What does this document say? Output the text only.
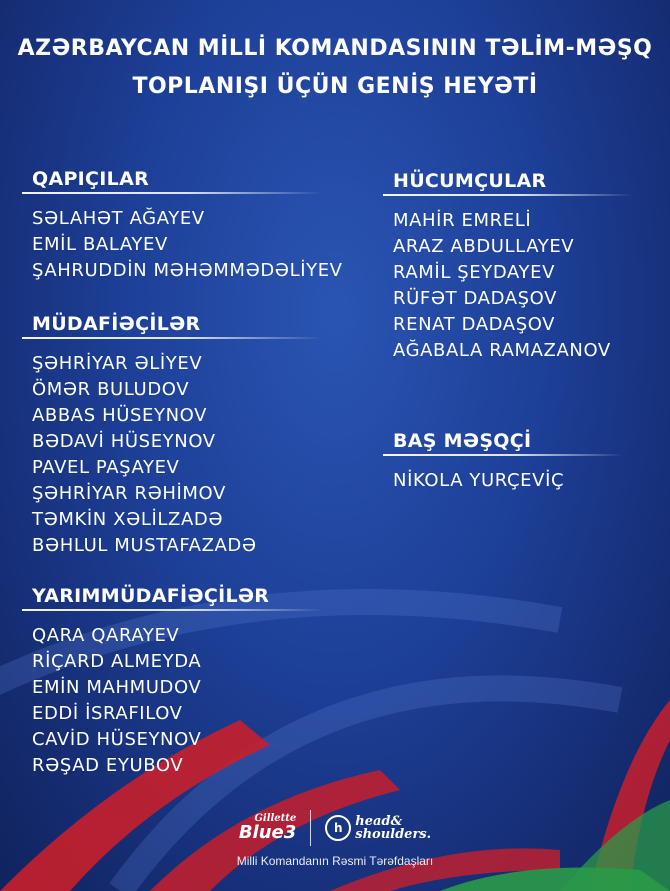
AZƏRBAYCAN MİLLİ KOMANDASININ TƏLİM-MƏŞQ
TOPLANIŞI ÜÇÜN GENİŞ HEYƏTİ
QAPIÇILAR
SƏLAHƏT AĞAYEV
EMİL BALAYEV
ŞAHRUDDİN MƏHƏMMƏDƏLİYEV
MÜDAFİƏÇİLƏR
ŞƏHRİYAR ƏLİYEV
ÖMƏR BULUDOV
ABBAS HÜSEYNOV
BƏDAVİ HÜSEYNOV
PAVEL PAŞAYEV
ŞƏHRİYAR RƏHİMOV
TƏMKİN XƏLİLZADƏ
BƏHLUL MUSTAFAZADƏ
YARIMMÜDAFİƏÇİLƏR
QARA QARAYEV
RİÇARD ALMEYDA
EMİN MAHMUDOV
EDDİ İSRAFILOV
CAVİD HÜSEYNOV
RƏŞAD EYUBOV
HÜCUMÇULAR
MAHİR EMRELİ
ARAZ ABDULLAYEV
RAMİL ŞEYDAYEV
RÜFƏT DADAŞOV
RENAT DADAŞOV
AĞABALA RAMAZANOV
BAŞ MƏŞQÇİ
NİKOLA YURÇEVİÇ
Gillette
Blue3	h head&
shoulders.
Milli Komandanın Rəsmi Tərəfdaşları
